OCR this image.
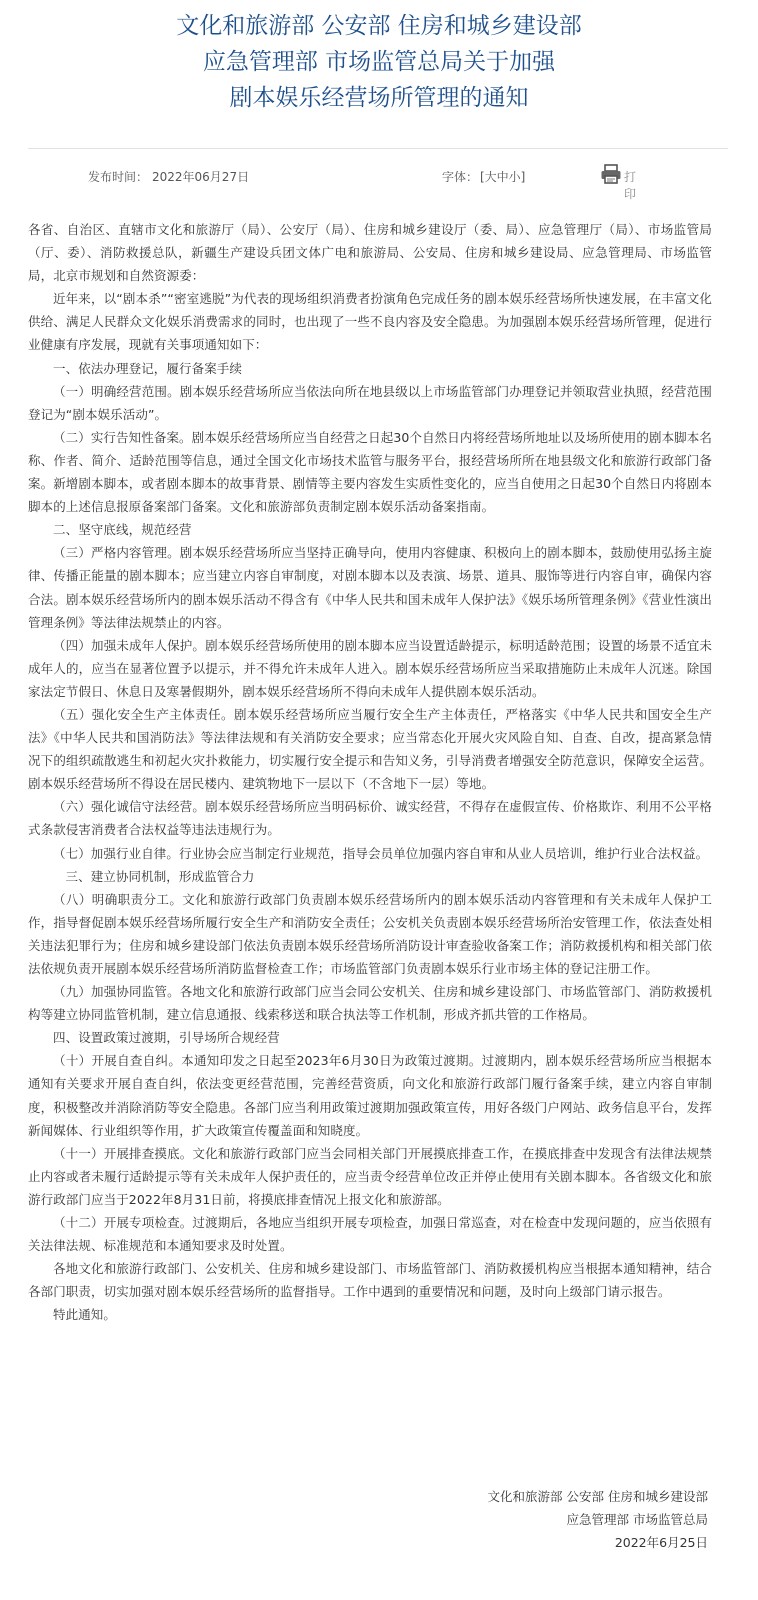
文化和旅游部 公安部 住房和城乡建设部
应急管理部 市场监管总局关于加强
剧本娱乐经营场所管理的通知
发布时间： 2022年06月27日	字体： [大中小]	打印

各省、自治区、直辖市文化和旅游厅（局）、公安厅（局）、住房和城乡建设厅（委、局）、应急管理厅（局）、市场监管局（厅、委）、消防救援总队，新疆生产建设兵团文体广电和旅游局、公安局、住房和城乡建设局、应急管理局、市场监管局，北京市规划和自然资源委：

近年来，以“剧本杀”“密室逃脱”为代表的现场组织消费者扮演角色完成任务的剧本娱乐经营场所快速发展，在丰富文化供给、满足人民群众文化娱乐消费需求的同时，也出现了一些不良内容及安全隐患。为加强剧本娱乐经营场所管理，促进行业健康有序发展，现就有关事项通知如下：

一、依法办理登记，履行备案手续

（一）明确经营范围。剧本娱乐经营场所应当依法向所在地县级以上市场监管部门办理登记并领取营业执照，经营范围登记为“剧本娱乐活动”。

（二）实行告知性备案。剧本娱乐经营场所应当自经营之日起30个自然日内将经营场所地址以及场所使用的剧本脚本名称、作者、简介、适龄范围等信息，通过全国文化市场技术监管与服务平台，报经营场所所在地县级文化和旅游行政部门备案。新增剧本脚本，或者剧本脚本的故事背景、剧情等主要内容发生实质性变化的，应当自使用之日起30个自然日内将剧本脚本的上述信息报原备案部门备案。文化和旅游部负责制定剧本娱乐活动备案指南。

二、坚守底线，规范经营

（三）严格内容管理。剧本娱乐经营场所应当坚持正确导向，使用内容健康、积极向上的剧本脚本，鼓励使用弘扬主旋律、传播正能量的剧本脚本；应当建立内容自审制度，对剧本脚本以及表演、场景、道具、服饰等进行内容自审，确保内容合法。剧本娱乐经营场所内的剧本娱乐活动不得含有《中华人民共和国未成年人保护法》《娱乐场所管理条例》《营业性演出管理条例》等法律法规禁止的内容。

（四）加强未成年人保护。剧本娱乐经营场所使用的剧本脚本应当设置适龄提示，标明适龄范围；设置的场景不适宜未成年人的，应当在显著位置予以提示，并不得允许未成年人进入。剧本娱乐经营场所应当采取措施防止未成年人沉迷。除国家法定节假日、休息日及寒暑假期外，剧本娱乐经营场所不得向未成年人提供剧本娱乐活动。

（五）强化安全生产主体责任。剧本娱乐经营场所应当履行安全生产主体责任，严格落实《中华人民共和国安全生产法》《中华人民共和国消防法》等法律法规和有关消防安全要求；应当常态化开展火灾风险自知、自查、自改，提高紧急情况下的组织疏散逃生和初起火灾扑救能力，切实履行安全提示和告知义务，引导消费者增强安全防范意识，保障安全运营。剧本娱乐经营场所不得设在居民楼内、建筑物地下一层以下（不含地下一层）等地。

（六）强化诚信守法经营。剧本娱乐经营场所应当明码标价、诚实经营，不得存在虚假宣传、价格欺诈、利用不公平格式条款侵害消费者合法权益等违法违规行为。

（七）加强行业自律。行业协会应当制定行业规范，指导会员单位加强内容自审和从业人员培训，维护行业合法权益。

三、建立协同机制，形成监管合力

（八）明确职责分工。文化和旅游行政部门负责剧本娱乐经营场所内的剧本娱乐活动内容管理和有关未成年人保护工作，指导督促剧本娱乐经营场所履行安全生产和消防安全责任；公安机关负责剧本娱乐经营场所治安管理工作，依法查处相关违法犯罪行为；住房和城乡建设部门依法负责剧本娱乐经营场所消防设计审查验收备案工作；消防救援机构和相关部门依法依规负责开展剧本娱乐经营场所消防监督检查工作；市场监管部门负责剧本娱乐行业市场主体的登记注册工作。

（九）加强协同监管。各地文化和旅游行政部门应当会同公安机关、住房和城乡建设部门、市场监管部门、消防救援机构等建立协同监管机制，建立信息通报、线索移送和联合执法等工作机制，形成齐抓共管的工作格局。

四、设置政策过渡期，引导场所合规经营

（十）开展自查自纠。本通知印发之日起至2023年6月30日为政策过渡期。过渡期内，剧本娱乐经营场所应当根据本通知有关要求开展自查自纠，依法变更经营范围，完善经营资质，向文化和旅游行政部门履行备案手续，建立内容自审制度，积极整改并消除消防等安全隐患。各部门应当利用政策过渡期加强政策宣传，用好各级门户网站、政务信息平台，发挥新闻媒体、行业组织等作用，扩大政策宣传覆盖面和知晓度。

（十一）开展排查摸底。文化和旅游行政部门应当会同相关部门开展摸底排查工作，在摸底排查中发现含有法律法规禁止内容或者未履行适龄提示等有关未成年人保护责任的，应当责令经营单位改正并停止使用有关剧本脚本。各省级文化和旅游行政部门应当于2022年8月31日前，将摸底排查情况上报文化和旅游部。

（十二）开展专项检查。过渡期后，各地应当组织开展专项检查，加强日常巡查，对在检查中发现问题的，应当依照有关法律法规、标准规范和本通知要求及时处置。

各地文化和旅游行政部门、公安机关、住房和城乡建设部门、市场监管部门、消防救援机构应当根据本通知精神，结合各部门职责，切实加强对剧本娱乐经营场所的监督指导。工作中遇到的重要情况和问题，及时向上级部门请示报告。

特此通知。

文化和旅游部 公安部 住房和城乡建设部
应急管理部 市场监管总局
2022年6月25日
